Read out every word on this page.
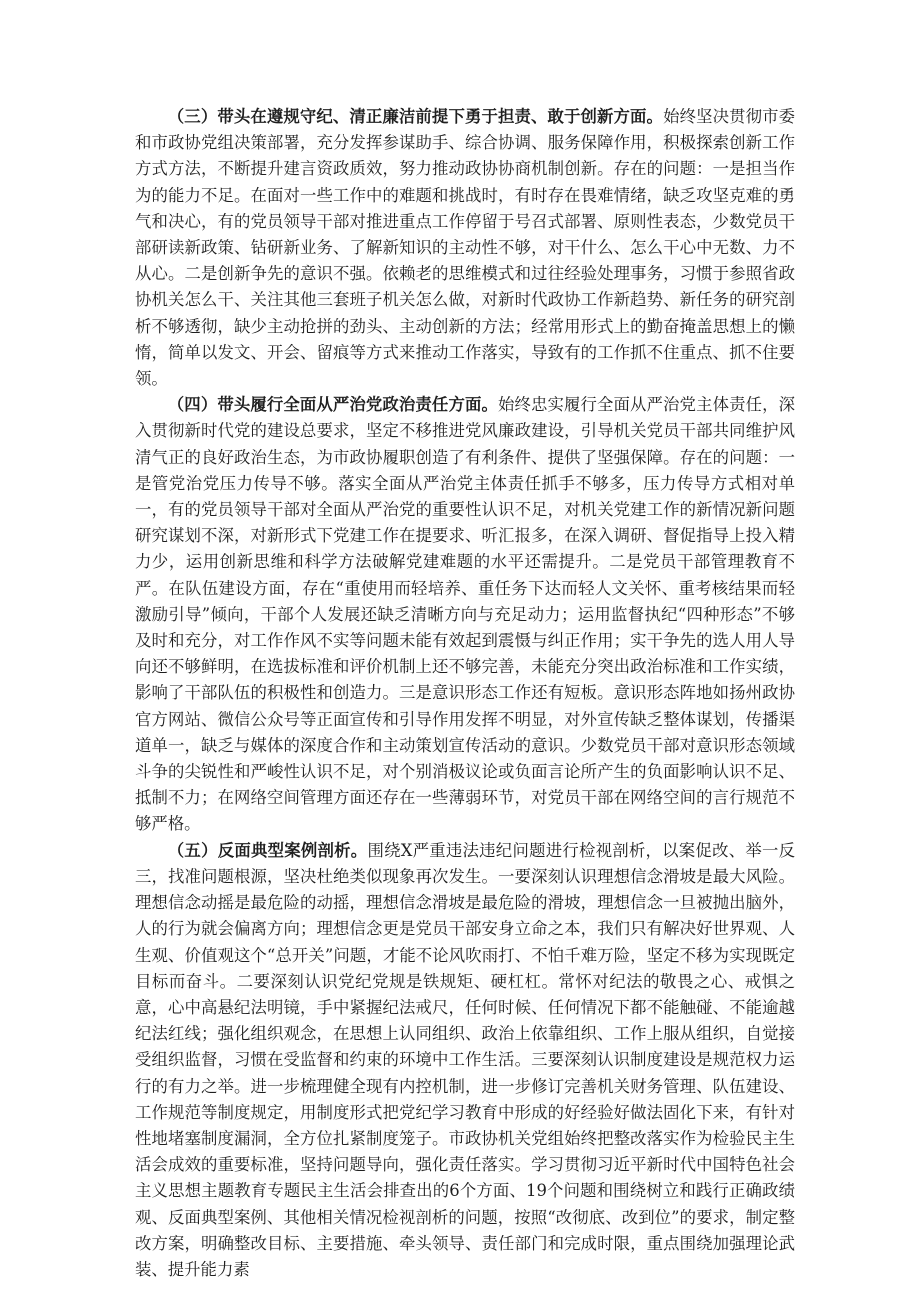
（三）带头在遵规守纪、清正廉洁前提下勇于担责、敢于创新方面。始终坚决贯彻市委和市政协党组决策部署，充分发挥参谋助手、综合协调、服务保障作用，积极探索创新工作方式方法，不断提升建言资政质效，努力推动政协协商机制创新。存在的问题：一是担当作为的能力不足。在面对一些工作中的难题和挑战时，有时存在畏难情绪，缺乏攻坚克难的勇气和决心，有的党员领导干部对推进重点工作停留于号召式部署、原则性表态，少数党员干部研读新政策、钻研新业务、了解新知识的主动性不够，对干什么、怎么干心中无数、力不从心。二是创新争先的意识不强。依赖老的思维模式和过往经验处理事务，习惯于参照省政协机关怎么干、关注其他三套班子机关怎么做，对新时代政协工作新趋势、新任务的研究剖析不够透彻，缺少主动抢拼的劲头、主动创新的方法；经常用形式上的勤奋掩盖思想上的懒惰，简单以发文、开会、留痕等方式来推动工作落实，导致有的工作抓不住重点、抓不住要领。

（四）带头履行全面从严治党政治责任方面。始终忠实履行全面从严治党主体责任，深入贯彻新时代党的建设总要求，坚定不移推进党风廉政建设，引导机关党员干部共同维护风清气正的良好政治生态，为市政协履职创造了有利条件、提供了坚强保障。存在的问题：一是管党治党压力传导不够。落实全面从严治党主体责任抓手不够多，压力传导方式相对单一，有的党员领导干部对全面从严治党的重要性认识不足，对机关党建工作的新情况新问题研究谋划不深，对新形式下党建工作在提要求、听汇报多，在深入调研、督促指导上投入精力少，运用创新思维和科学方法破解党建难题的水平还需提升。二是党员干部管理教育不严。在队伍建设方面，存在“重使用而轻培养、重任务下达而轻人文关怀、重考核结果而轻激励引导”倾向，干部个人发展还缺乏清晰方向与充足动力；运用监督执纪“四种形态”不够及时和充分，对工作作风不实等问题未能有效起到震慑与纠正作用；实干争先的选人用人导向还不够鲜明，在选拔标准和评价机制上还不够完善，未能充分突出政治标准和工作实绩，影响了干部队伍的积极性和创造力。三是意识形态工作还有短板。意识形态阵地如扬州政协官方网站、微信公众号等正面宣传和引导作用发挥不明显，对外宣传缺乏整体谋划，传播渠道单一，缺乏与媒体的深度合作和主动策划宣传活动的意识。少数党员干部对意识形态领域斗争的尖锐性和严峻性认识不足，对个别消极议论或负面言论所产生的负面影响认识不足、抵制不力；在网络空间管理方面还存在一些薄弱环节，对党员干部在网络空间的言行规范不够严格。

（五）反面典型案例剖析。围绕X严重违法违纪问题进行检视剖析，以案促改、举一反三，找准问题根源，坚决杜绝类似现象再次发生。一要深刻认识理想信念滑坡是最大风险。理想信念动摇是最危险的动摇，理想信念滑坡是最危险的滑坡，理想信念一旦被抛出脑外，人的行为就会偏离方向；理想信念更是党员干部安身立命之本，我们只有解决好世界观、人生观、价值观这个“总开关”问题，才能不论风吹雨打、不怕千难万险，坚定不移为实现既定目标而奋斗。二要深刻认识党纪党规是铁规矩、硬杠杠。常怀对纪法的敬畏之心、戒惧之意，心中高悬纪法明镜，手中紧握纪法戒尺，任何时候、任何情况下都不能触碰、不能逾越纪法红线；强化组织观念，在思想上认同组织、政治上依靠组织、工作上服从组织，自觉接受组织监督，习惯在受监督和约束的环境中工作生活。三要深刻认识制度建设是规范权力运行的有力之举。进一步梳理健全现有内控机制，进一步修订完善机关财务管理、队伍建设、工作规范等制度规定，用制度形式把党纪学习教育中形成的好经验好做法固化下来，有针对性地堵塞制度漏洞，全方位扎紧制度笼子。市政协机关党组始终把整改落实作为检验民主生活会成效的重要标准，坚持问题导向，强化责任落实。学习贯彻习近平新时代中国特色社会主义思想主题教育专题民主生活会排查出的6个方面、19个问题和围绕树立和践行正确政绩观、反面典型案例、其他相关情况检视剖析的问题，按照“改彻底、改到位”的要求，制定整改方案，明确整改目标、主要措施、牵头领导、责任部门和完成时限，重点围绕加强理论武装、提升能力素
